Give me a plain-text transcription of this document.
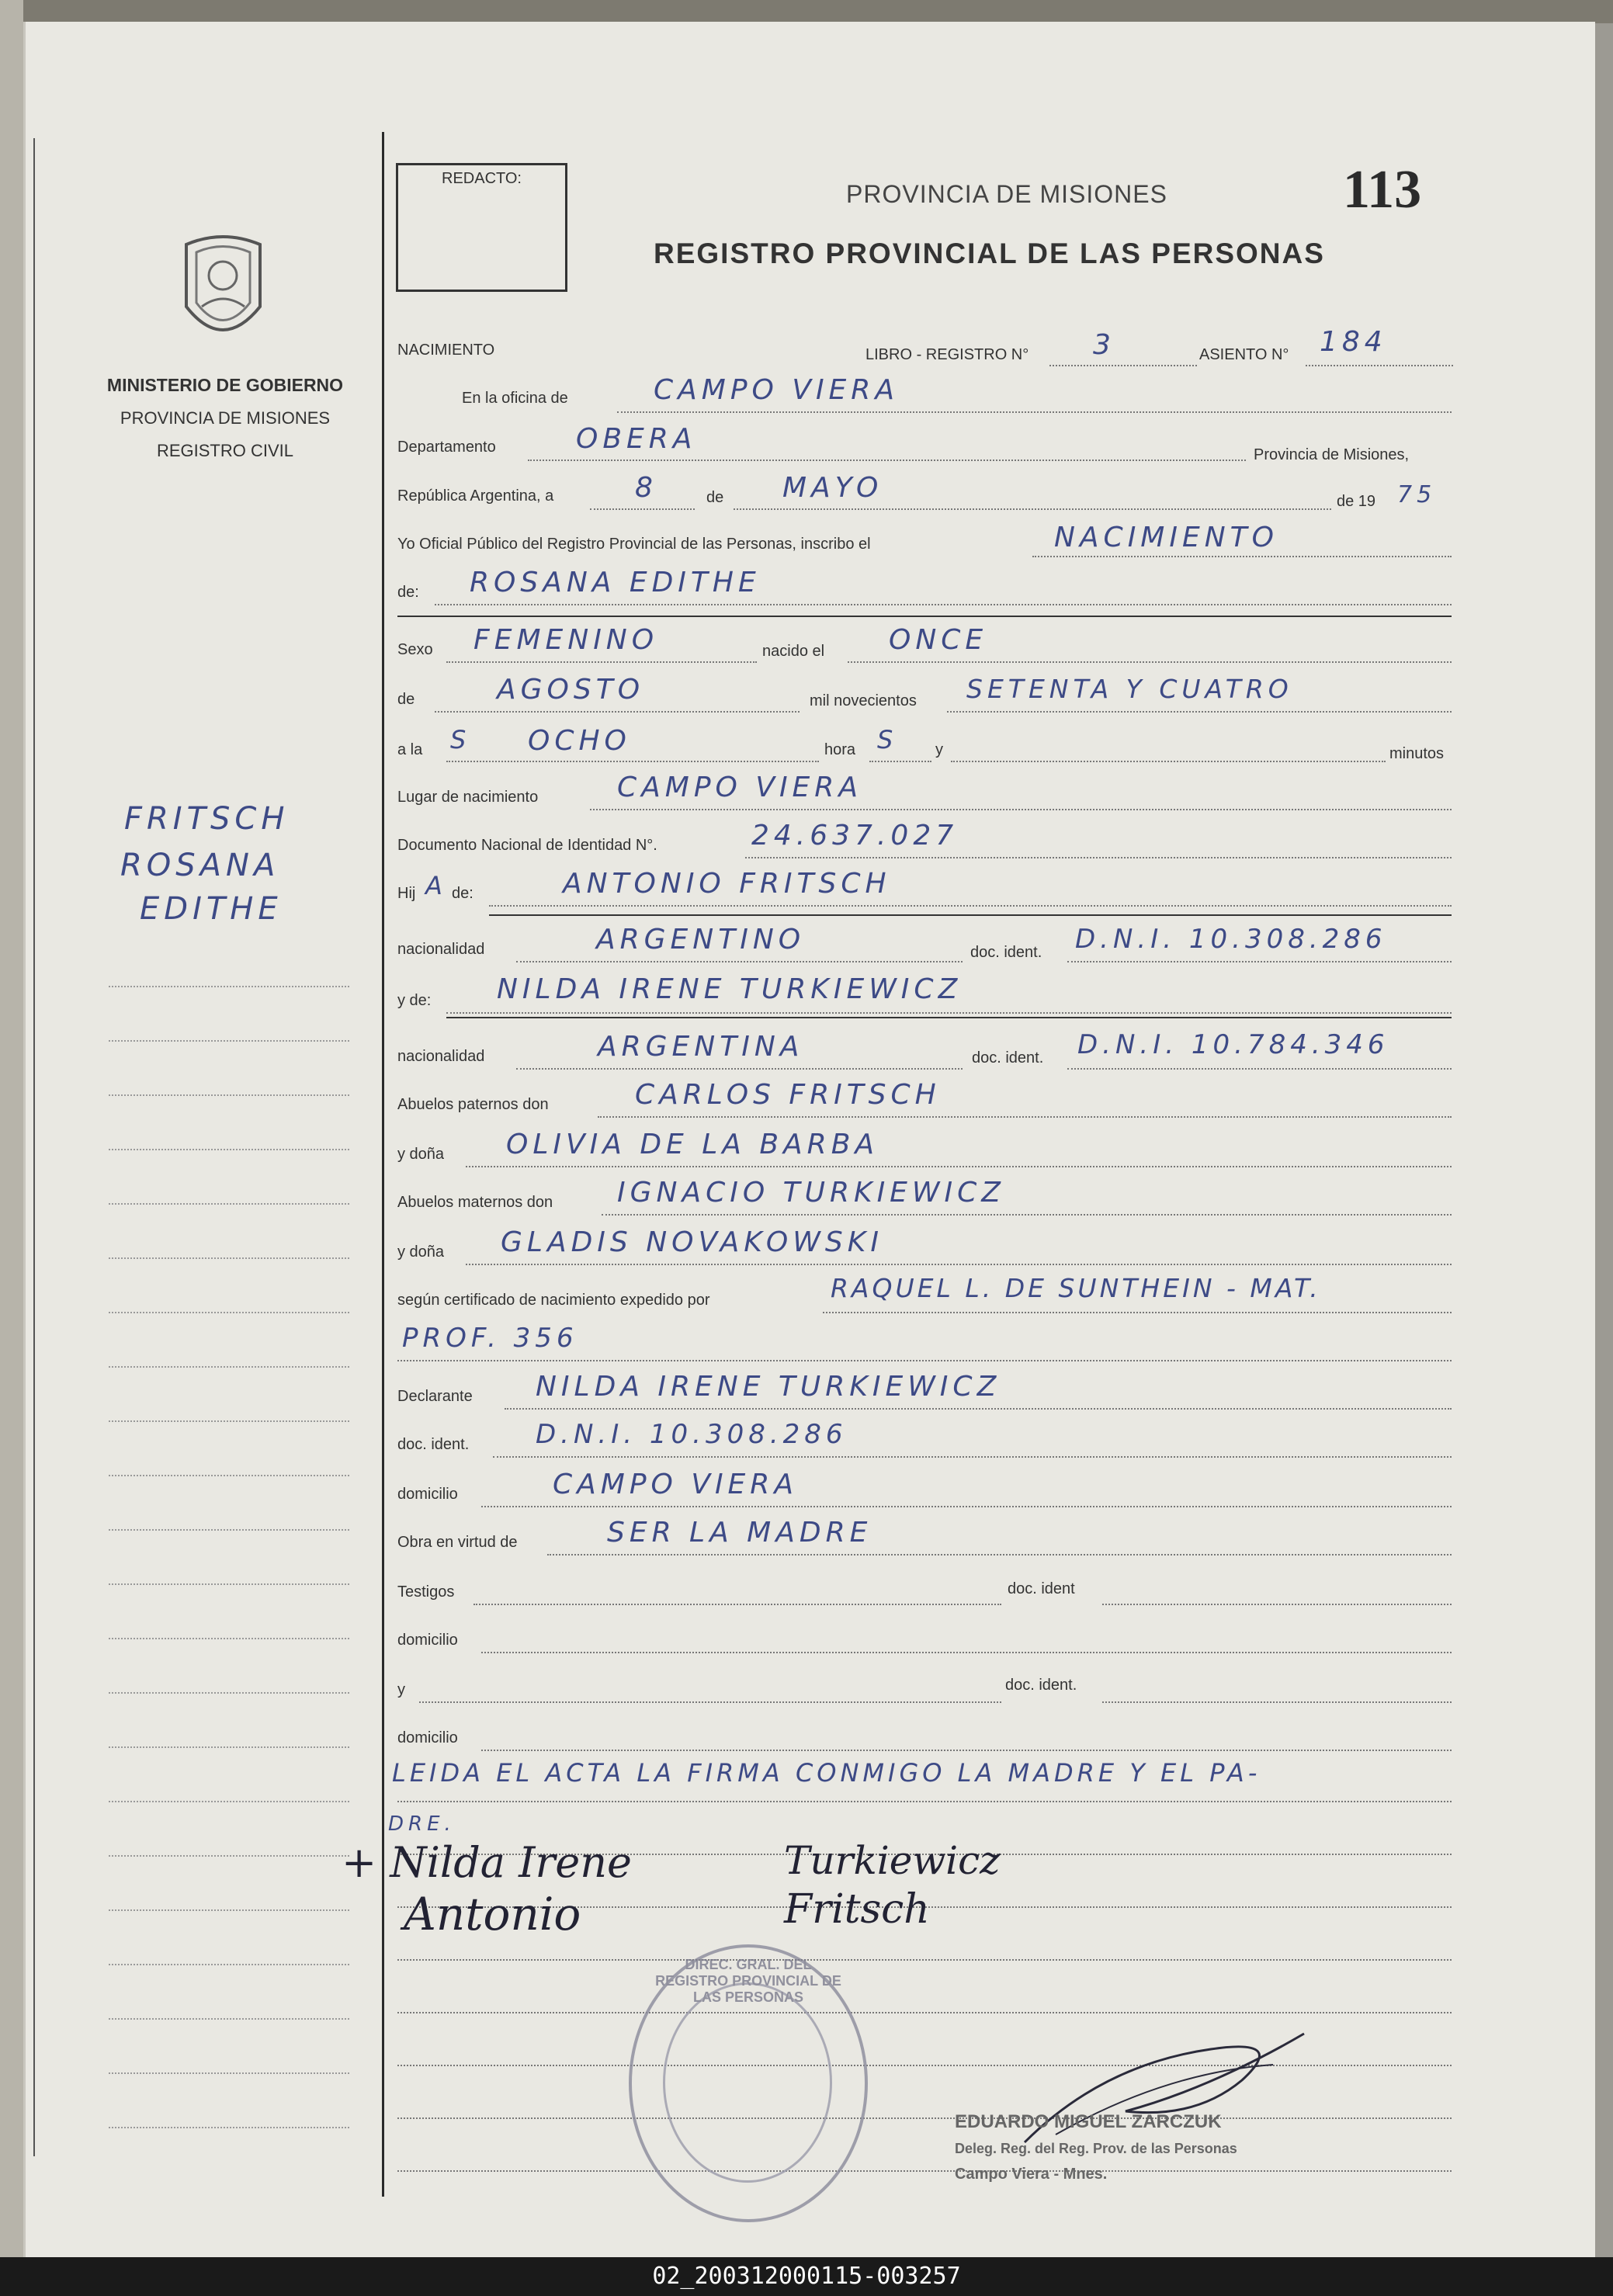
REDACTO:
PROVINCIA DE MISIONES
REGISTRO PROVINCIAL DE LAS PERSONAS
113
MINISTERIO DE GOBIERNO
PROVINCIA DE MISIONES
REGISTRO CIVIL
FRITSCH
ROSANA
EDITHE
NACIMIENTO	LIBRO - REGISTRO N° 3	ASIENTO N° 184
En la oficina de	CAMPO VIERA
Departamento	OBERA	Provincia de Misiones,
República Argentina, a	8	de MAYO	de 19 75
Yo Oficial Público del Registro Provincial de las Personas, inscribo el	NACIMIENTO
de: ROSANA EDITHE
Sexo FEMENINO	nacido el ONCE
de	AGOSTO	mil novecientos SETENTA Y CUATRO
a la S OCHO	hora S y	minutos
Lugar de nacimiento	CAMPO VIERA
Documento Nacional de Identidad N°.	24.637.027
Hij A de:	ANTONIO FRITSCH
nacionalidad	ARGENTINO	doc. ident. D.N.I. 10.308.286
y de: NILDA IRENE TURKIEWICZ
nacionalidad	ARGENTINA	doc. ident. D.N.I. 10.784.346
Abuelos paternos don	CARLOS FRITSCH
y doña OLIVIA DE LA BARBA
Abuelos maternos don IGNACIO TURKIEWICZ
y doña GLADIS NOVAKOWSKI
según certificado de nacimiento expedido por	RAQUEL L. DE SUNTHEIN - MAT.
PROF. 356
Declarante NILDA IRENE TURKIEWICZ
doc. ident.	D.N.I. 10.308.286
domicilio	CAMPO VIERA
Obra en virtud de	SER LA MADRE
Testigos	doc. ident
domicilio
y	doc. ident.
domicilio
LEIDA EL ACTA LA FIRMA CONMIGO LA MADRE Y EL PA-
DRE.
+ Nilda Irene	Turkiewicz
Antonio	Fritsch
DIREC. GRAL. DEL REGISTRO PROVINCIAL DE LAS PERSONAS
EDUARDO MIGUEL ZARCZUK
Deleg. Reg. del Reg. Prov. de las Personas
Campo Viera - Mnes.
02_200312000115-003257
